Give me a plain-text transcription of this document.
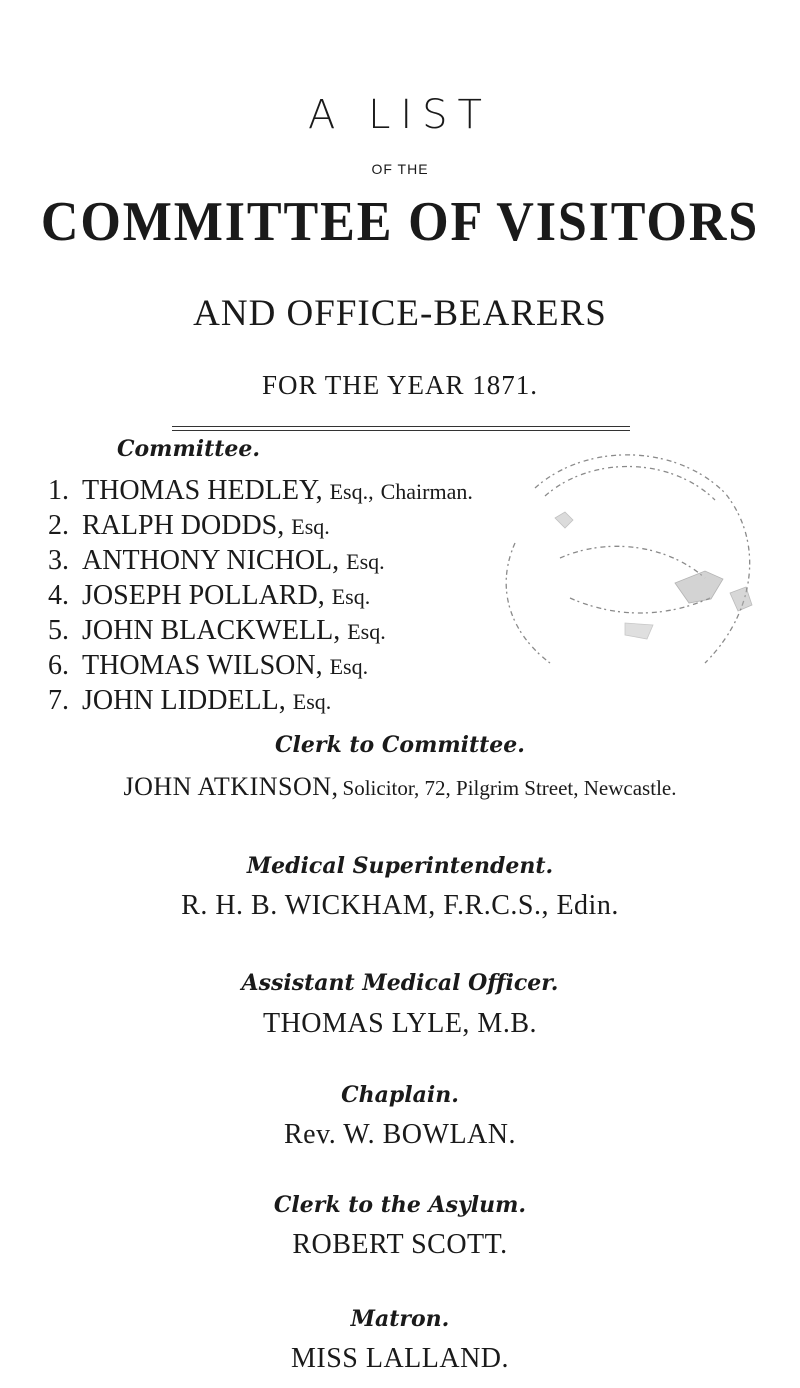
A LIST
OF THE
COMMITTEE OF VISITORS
AND OFFICE-BEARERS
FOR THE YEAR 1871.
Committee.
1. THOMAS HEDLEY, Esq., Chairman.
2. RALPH DODDS, Esq.
3. ANTHONY NICHOL, Esq.
4. JOSEPH POLLARD, Esq.
5. JOHN BLACKWELL, Esq.
6. THOMAS WILSON, Esq.
7. JOHN LIDDELL, Esq.
Clerk to Committee.
JOHN ATKINSON, Solicitor, 72, Pilgrim Street, Newcastle.
Medical Superintendent.
R. H. B. WICKHAM, F.R.C.S., Edin.
Assistant Medical Officer.
THOMAS LYLE, M.B.
Chaplain.
Rev. W. BOWLAN.
Clerk to the Asylum.
ROBERT SCOTT.
Matron.
MISS LALLAND.
